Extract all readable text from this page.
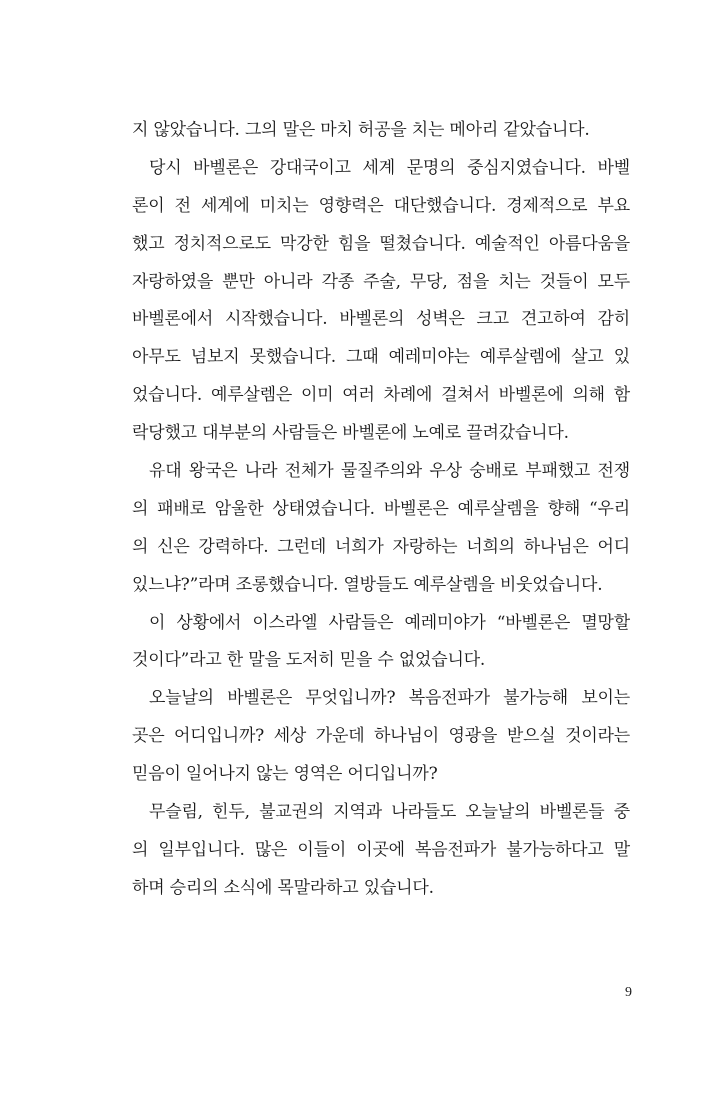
지 않았습니다. 그의 말은 마치 허공을 치는 메아리 같았습니다.
당시 바벨론은 강대국이고 세계 문명의 중심지였습니다. 바벨
론이 전 세계에 미치는 영향력은 대단했습니다. 경제적으로 부요
했고 정치적으로도 막강한 힘을 떨쳤습니다. 예술적인 아름다움을
자랑하였을 뿐만 아니라 각종 주술, 무당, 점을 치는 것들이 모두
바벨론에서 시작했습니다. 바벨론의 성벽은 크고 견고하여 감히
아무도 넘보지 못했습니다. 그때 예레미야는 예루살렘에 살고 있
었습니다. 예루살렘은 이미 여러 차례에 걸쳐서 바벨론에 의해 함
락당했고 대부분의 사람들은 바벨론에 노예로 끌려갔습니다.
유대 왕국은 나라 전체가 물질주의와 우상 숭배로 부패했고 전쟁
의 패배로 암울한 상태였습니다. 바벨론은 예루살렘을 향해 “우리
의 신은 강력하다. 그런데 너희가 자랑하는 너희의 하나님은 어디
있느냐?”라며 조롱했습니다. 열방들도 예루살렘을 비웃었습니다.
이 상황에서 이스라엘 사람들은 예레미야가 “바벨론은 멸망할
것이다”라고 한 말을 도저히 믿을 수 없었습니다.
오늘날의 바벨론은 무엇입니까? 복음전파가 불가능해 보이는
곳은 어디입니까? 세상 가운데 하나님이 영광을 받으실 것이라는
믿음이 일어나지 않는 영역은 어디입니까?
무슬림, 힌두, 불교권의 지역과 나라들도 오늘날의 바벨론들 중
의 일부입니다. 많은 이들이 이곳에 복음전파가 불가능하다고 말
하며 승리의 소식에 목말라하고 있습니다.
9
